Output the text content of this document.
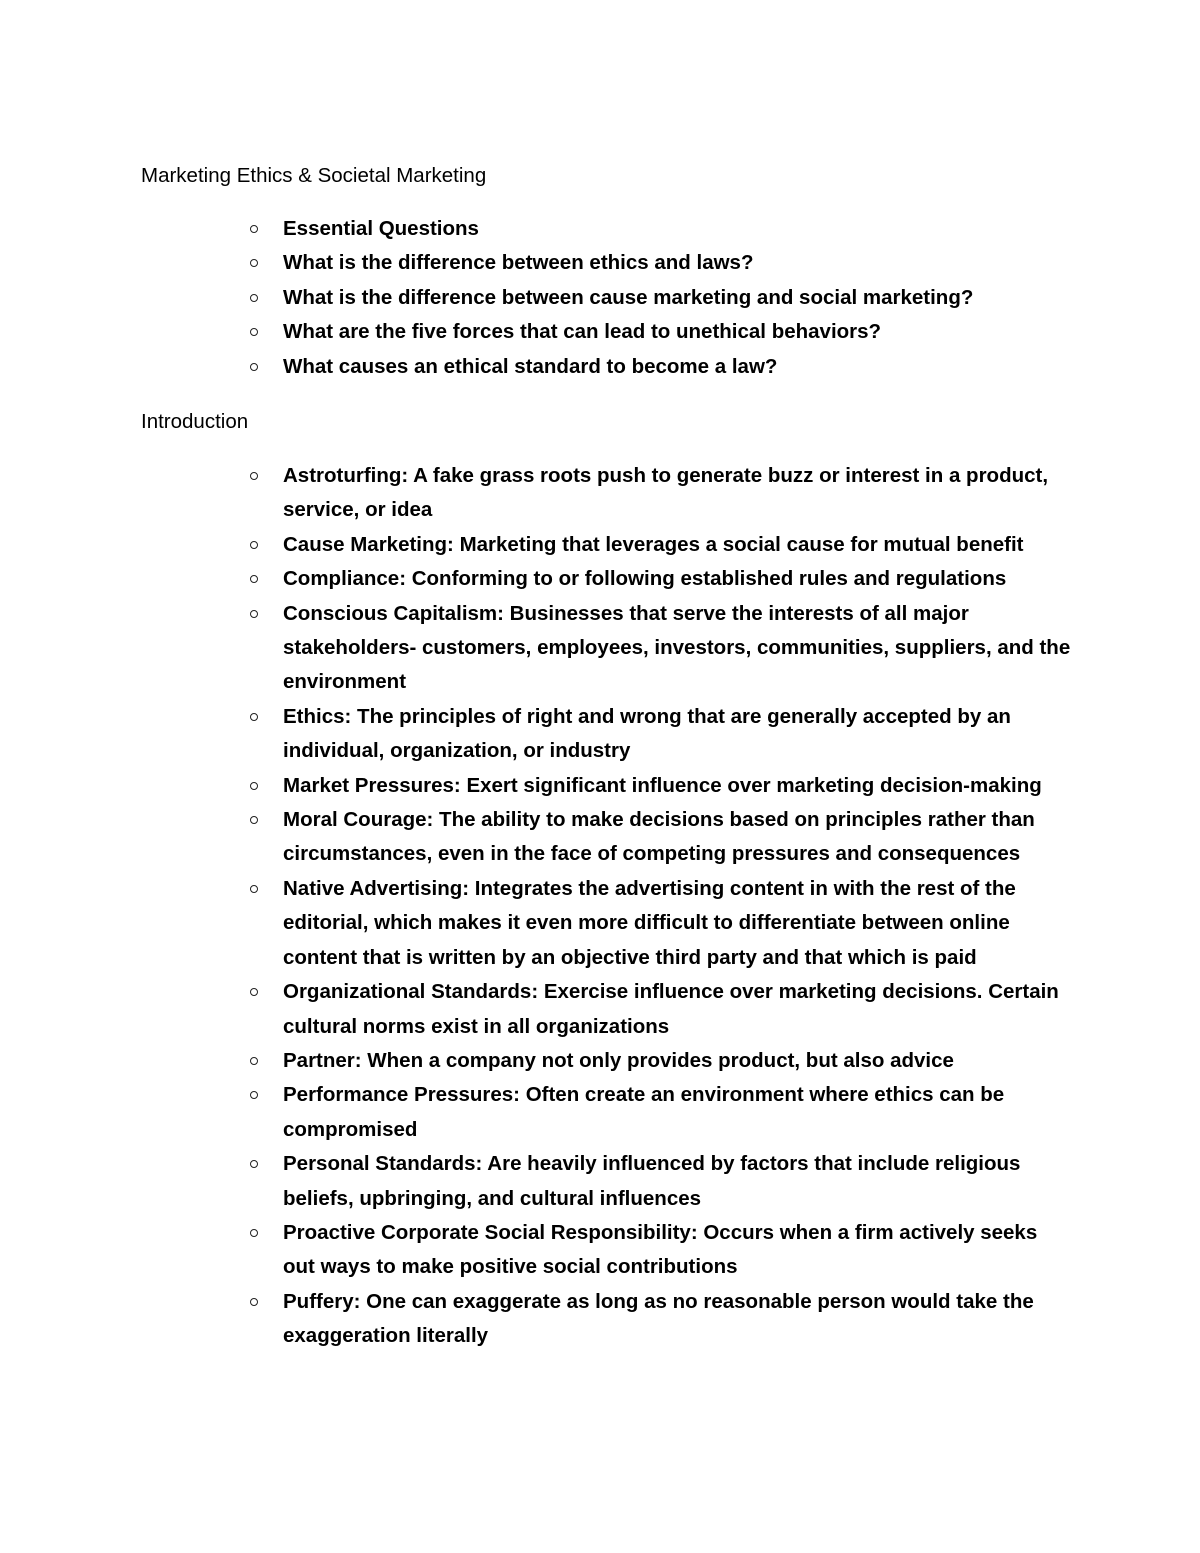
Marketing Ethics & Societal Marketing
Essential Questions
What is the difference between ethics and laws?
What is the difference between cause marketing and social marketing?
What are the five forces that can lead to unethical behaviors?
What causes an ethical standard to become a law?
Introduction
Astroturfing: A fake grass roots push to generate buzz or interest in a product, service, or idea
Cause Marketing: Marketing that leverages a social cause for mutual benefit
Compliance: Conforming to or following established rules and regulations
Conscious Capitalism: Businesses that serve the interests of all major stakeholders- customers, employees, investors, communities, suppliers, and the environment
Ethics: The principles of right and wrong that are generally accepted by an individual, organization, or industry
Market Pressures: Exert significant influence over marketing decision-making
Moral Courage: The ability to make decisions based on principles rather than circumstances, even in the face of competing pressures and consequences
Native Advertising: Integrates the advertising content in with the rest of the editorial, which makes it even more difficult to differentiate between online content that is written by an objective third party and that which is paid
Organizational Standards: Exercise influence over marketing decisions. Certain cultural norms exist in all organizations
Partner: When a company not only provides product, but also advice
Performance Pressures: Often create an environment where ethics can be compromised
Personal Standards: Are heavily influenced by factors that include religious beliefs, upbringing, and cultural influences
Proactive Corporate Social Responsibility: Occurs when a firm actively seeks out ways to make positive social contributions
Puffery: One can exaggerate as long as no reasonable person would take the exaggeration literally
